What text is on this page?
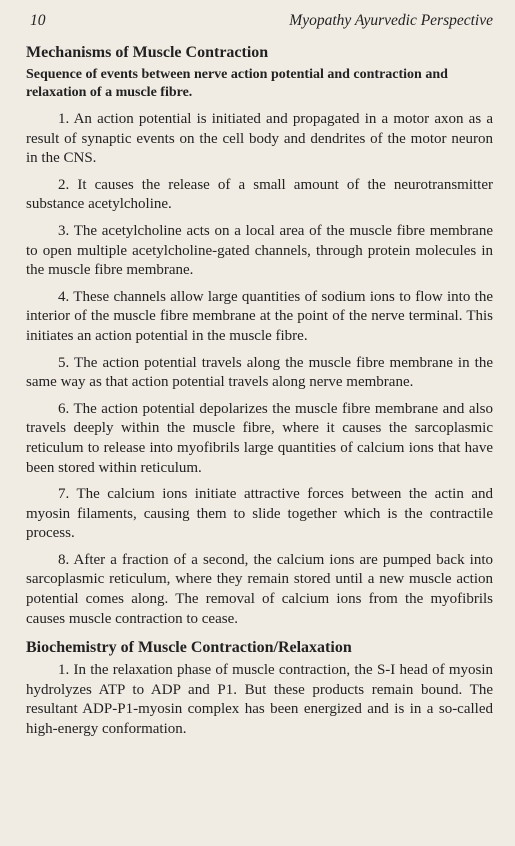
10	Myopathy Ayurvedic Perspective
Mechanisms of Muscle Contraction
Sequence of events between nerve action potential and contraction and relaxation of a muscle fibre.

1. An action potential is initiated and propagated in a motor axon as a result of synaptic events on the cell body and dendrites of the motor neuron in the CNS.

2. It causes the release of a small amount of the neurotransmitter substance acetylcholine.

3. The acetylcholine acts on a local area of the muscle fibre membrane to open multiple acetylcholine-gated channels, through protein molecules in the muscle fibre membrane.

4. These channels allow large quantities of sodium ions to flow into the interior of the muscle fibre membrane at the point of the nerve terminal. This initiates an action potential in the muscle fibre.

5. The action potential travels along the muscle fibre membrane in the same way as that action potential travels along nerve membrane.

6. The action potential depolarizes the muscle fibre membrane and also travels deeply within the muscle fibre, where it causes the sarcoplasmic reticulum to release into myofibrils large quantities of calcium ions that have been stored within reticulum.

7. The calcium ions initiate attractive forces between the actin and myosin filaments, causing them to slide together which is the contractile process.

8. After a fraction of a second, the calcium ions are pumped back into sarcoplasmic reticulum, where they remain stored until a new muscle action potential comes along. The removal of calcium ions from the myofibrils causes muscle contraction to cease.

Biochemistry of Muscle Contraction/Relaxation

1. In the relaxation phase of muscle contraction, the S-I head of myosin hydrolyzes ATP to ADP and P1. But these products remain bound. The resultant ADP-P1-myosin complex has been energized and is in a so-called high-energy conformation.
